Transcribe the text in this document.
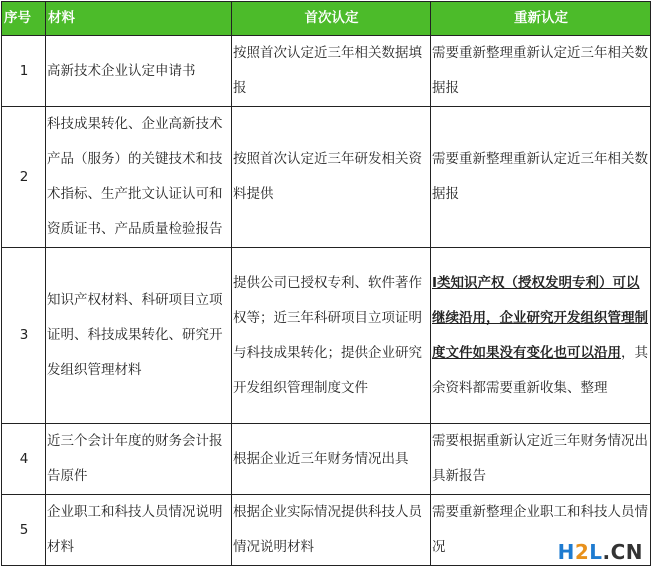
序号	材料	首次认定	重新认定
1	高新技术企业认定申请书	按照首次认定近三年相关数据填报	需要重新整理重新认定近三年相关数据报
2	科技成果转化、企业高新技术产品（服务）的关键技术和技术指标、生产批文认证认可和资质证书、产品质量检验报告	按照首次认定近三年研发相关资料提供	需要重新整理重新认定近三年相关数据报
3	知识产权材料、科研项目立项证明、科技成果转化、研究开发组织管理材料	提供公司已授权专利、软件著作权等；近三年科研项目立项证明与科技成果转化；提供企业研究开发组织管理制度文件	I类知识产权（授权发明专利）可以继续沿用，企业研究开发组织管理制度文件如果没有变化也可以沿用，其余资料都需要重新收集、整理
4	近三个会计年度的财务会计报告原件	根据企业近三年财务情况出具	需要根据重新认定近三年财务情况出具新报告
5	企业职工和科技人员情况说明材料	根据企业实际情况提供科技人员情况说明材料	需要重新整理企业职工和科技人员情况	H2L.CN
